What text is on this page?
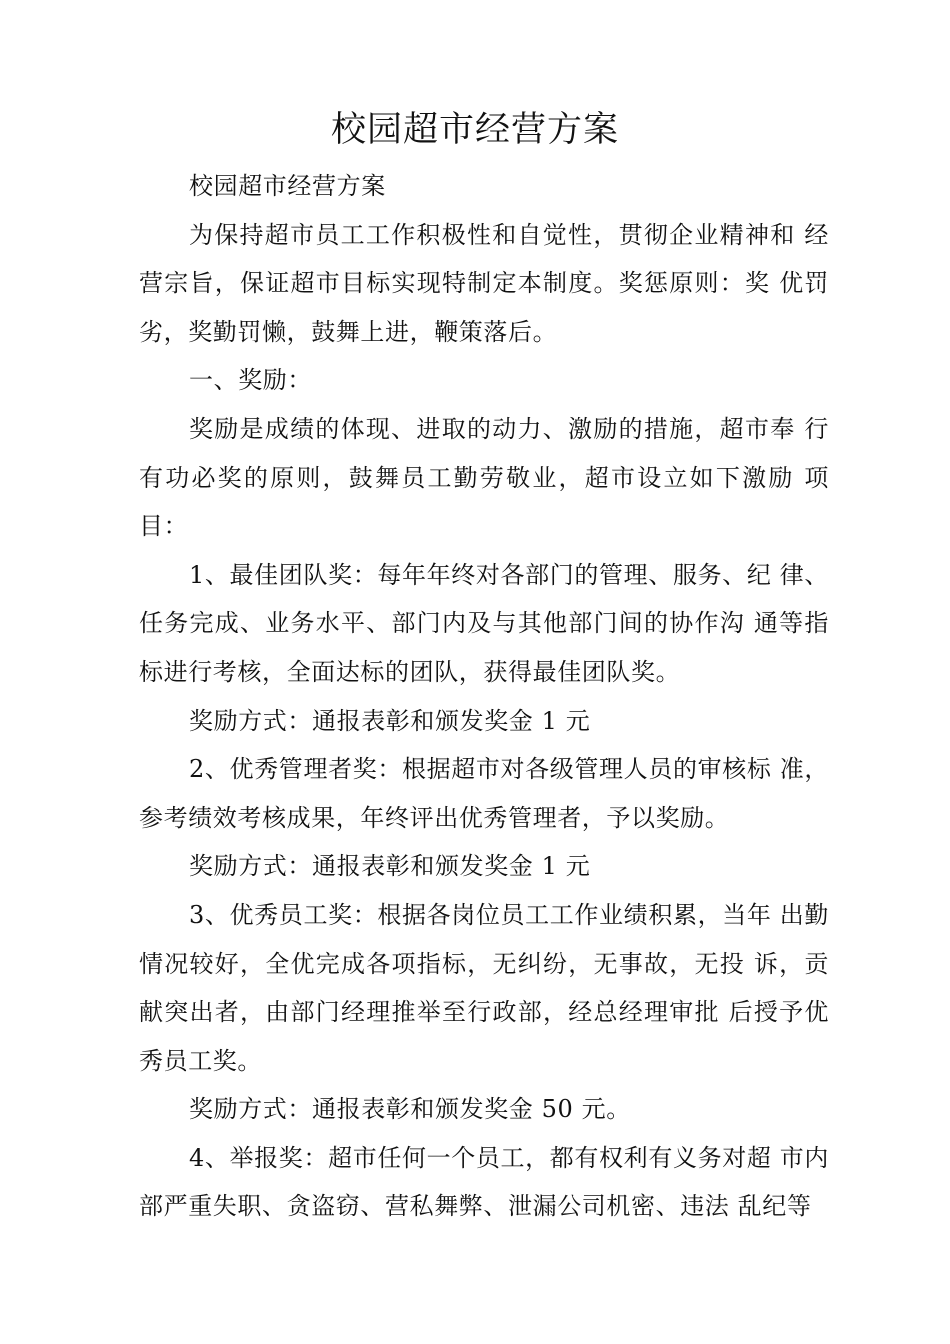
校园超市经营方案

校园超市经营方案

为保持超市员工工作积极性和自觉性，贯彻企业精神和 经营宗旨，保证超市目标实现特制定本制度。奖惩原则：奖 优罚劣，奖勤罚懒，鼓舞上进，鞭策落后。

一、奖励：

奖励是成绩的体现、进取的动力、激励的措施，超市奉 行有功必奖的原则，鼓舞员工勤劳敬业，超市设立如下激励 项目：

1、最佳团队奖：每年年终对各部门的管理、服务、纪 律、任务完成、业务水平、部门内及与其他部门间的协作沟 通等指标进行考核，全面达标的团队，获得最佳团队奖。

奖励方式：通报表彰和颁发奖金 1 元

2、优秀管理者奖：根据超市对各级管理人员的审核标 准，参考绩效考核成果，年终评出优秀管理者，予以奖励。

奖励方式：通报表彰和颁发奖金 1 元

3、优秀员工奖：根据各岗位员工工作业绩积累，当年 出勤情况较好，全优完成各项指标，无纠纷，无事故，无投 诉，贡献突出者，由部门经理推举至行政部，经总经理审批 后授予优秀员工奖。

奖励方式：通报表彰和颁发奖金 50 元。

4、举报奖：超市任何一个员工，都有权利有义务对超 市内部严重失职、贪盗窃、营私舞弊、泄漏公司机密、违法 乱纪等
